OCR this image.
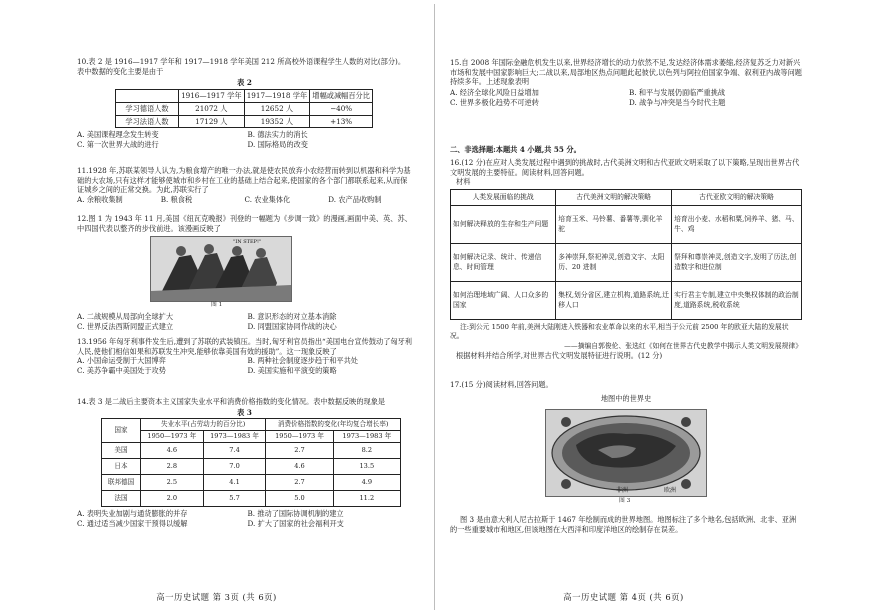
10.表 2 是 1916—1917 学年和 1917—1918 学年美国 212 所高校外语课程学生人数的对比(部分)。表中数据的变化主要是由于

表 2
	1916—1917 学年	1917—1918 学年	增幅或减幅百分比
学习德语人数	21072 人	12652 人	−40%
学习法语人数	17129 人	19352 人	+13%
A. 美国课程理念发生转变	B. 德法实力的消长
C. 第一次世界大战的进行	D. 国际格局的改变

11.1928 年,苏联某领导人认为,为粮食增产的唯一办法,就是使农民放弃小农经营而转到以机器和科学为基础的大农场,只有这样才能够使城市和乡村在工业的基础上结合起来,使国家的各个部门都联系起来,从而保证城乡之间的正常交换。为此,苏联实行了

A. 余粮收集制	B. 粮食税	C. 农业集体化	D. 农产品收购制

12.图 1 为 1943 年 11 月,美国《纽瓦克晚报》刊登的一幅题为《步调一致》的漫画,画面中美、英、苏、中四国代表以整齐的步伐前进。该漫画反映了

"IN STEP!"
图 1
A. 二战规模从局部向全球扩大	B. 意识形态的对立基本消除
C. 世界反法西斯同盟正式建立	D. 同盟国家协同作战的决心

13.1956 年匈牙利事件发生后,遭到了苏联的武装镇压。当时,匈牙利官员指出“美国电台宣传鼓动了匈牙利人民,使他们相信如果和苏联发生冲突,能够依靠美国有效的援助”。这一现象反映了

A. 小国命运受制于大国博弈	B. 两种社会制度逐步趋于和平共处
C. 美苏争霸中美国处于攻势	D. 美国实施和平演变的策略

14.表 3 是二战后主要资本主义国家失业水平和消费价格指数的变化情况。表中数据反映的现象是

表 3
国家	失业水平(占劳动力的百分比)		消费价格指数的变化(年均复合增长率)	
	1950—1973 年	1973—1983 年	1950—1973 年	1973—1983 年
美国	4.6	7.4	2.7	8.2
日本	2.8	7.0	4.6	13.5
联邦德国	2.5	4.1	2.7	4.9
法国	2.0	5.7	5.0	11.2
A. 表明失业加剧与通货膨胀的并存	B. 推动了国际协调机制的建立
C. 通过适当减少国家干预得以缓解	D. 扩大了国家的社会福利开支
高一历史试题 第 3页 (共 6页)

15.自 2008 年国际金融危机发生以来,世界经济增长的动力依然不足,发达经济体需求萎缩,经济复苏乏力对新兴市场和发展中国家影响巨大;二战以来,局部地区热点问题此起彼伏,以色列与阿拉伯国家争端、叙利亚内战等问题持续多年。上述现象表明

A. 经济全球化风险日益增加	B. 和平与发展仍面临严重挑战
C. 世界多极化趋势不可逆转	D. 战争与冲突是当今时代主题
二、非选择题:本题共 4 小题,共 55 分。

16.(12 分)在应对人类发展过程中遇到的挑战时,古代美洲文明和古代亚欧文明采取了以下策略,呈现出世界古代文明发展的主要特征。阅读材料,回答问题。

材料

人类发展面临的挑战	古代美洲文明的解决策略	古代亚欧文明的解决策略
如何解决释放的生存和生产问题	培育玉米、马铃薯、番薯等,驯化羊驼	培育出小麦、水稻和粟,饲养羊、猪、马、牛、鸡
如何解决记录、统计、传递信息、时间管理	多神崇拜,祭祀神灵,创造文字、太阳历、20 进制	祭拜和尊崇神灵,创造文字,发明了历法,创造数字和进位制
如何治理地域广阔、人口众多的国家	集权,划分省区,建立机构,道路系统,迁移人口	实行君主专制,建立中央集权体制的政治制度,道路系统,税收系统

注:到公元 1500 年前,美洲大陆刚进入铁器和农业革命以来的水平,相当于公元前 2500 年的欧亚大陆的发展状况。

——摘编自郭俊伦、张选红《如何在世界古代史教学中揭示人类文明发展规律》

根据材料并结合所学,对世界古代文明发展特征进行说明。(12 分)

17.(15 分)阅读材料,回答问题。

地图中的世界史

非洲	欧洲
图 3
图 3 是由意大利人尼古拉斯于 1467 年绘制而成的世界地图。地图标注了多个地名,包括欧洲、北非、亚洲的一些重要城市和地区,但该地图在大西洋和印度洋地区的绘制存在误差。
高一历史试题 第 4页 (共 6页)
